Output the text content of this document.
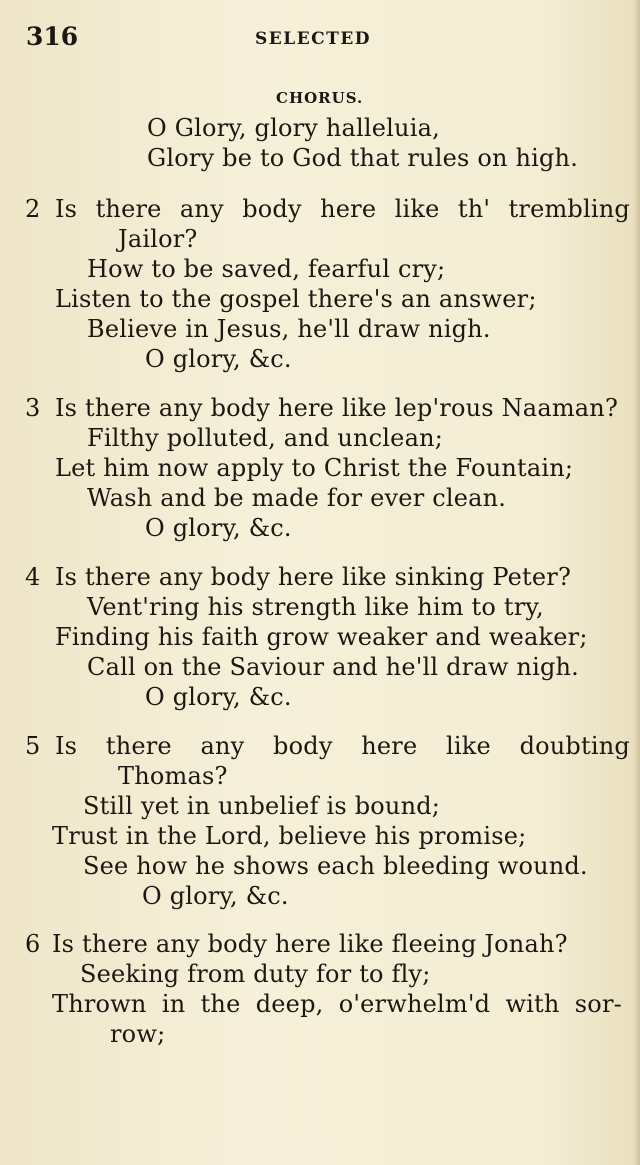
316	SELECTED
CHORUS.
O Glory, glory halleluia,
Glory be to God that rules on high.
2 Is there any body here like th' trembling
Jailor?
How to be saved, fearful cry;
Listen to the gospel there's an answer;
Believe in Jesus, he'll draw nigh.
O glory, &c.
3 Is there any body here like lep'rous Naaman?
Filthy polluted, and unclean;
Let him now apply to Christ the Fountain;
Wash and be made for ever clean.
O glory, &c.
4 Is there any body here like sinking Peter?
Vent'ring his strength like him to try,
Finding his faith grow weaker and weaker;
Call on the Saviour and he'll draw nigh.
O glory, &c.
5 Is there any body here like doubting
Thomas?
Still yet in unbelief is bound;
Trust in the Lord, believe his promise;
See how he shows each bleeding wound.
O glory, &c.
6 Is there any body here like fleeing Jonah?
Seeking from duty for to fly;
Thrown in the deep, o'erwhelm'd with sor-
row;
